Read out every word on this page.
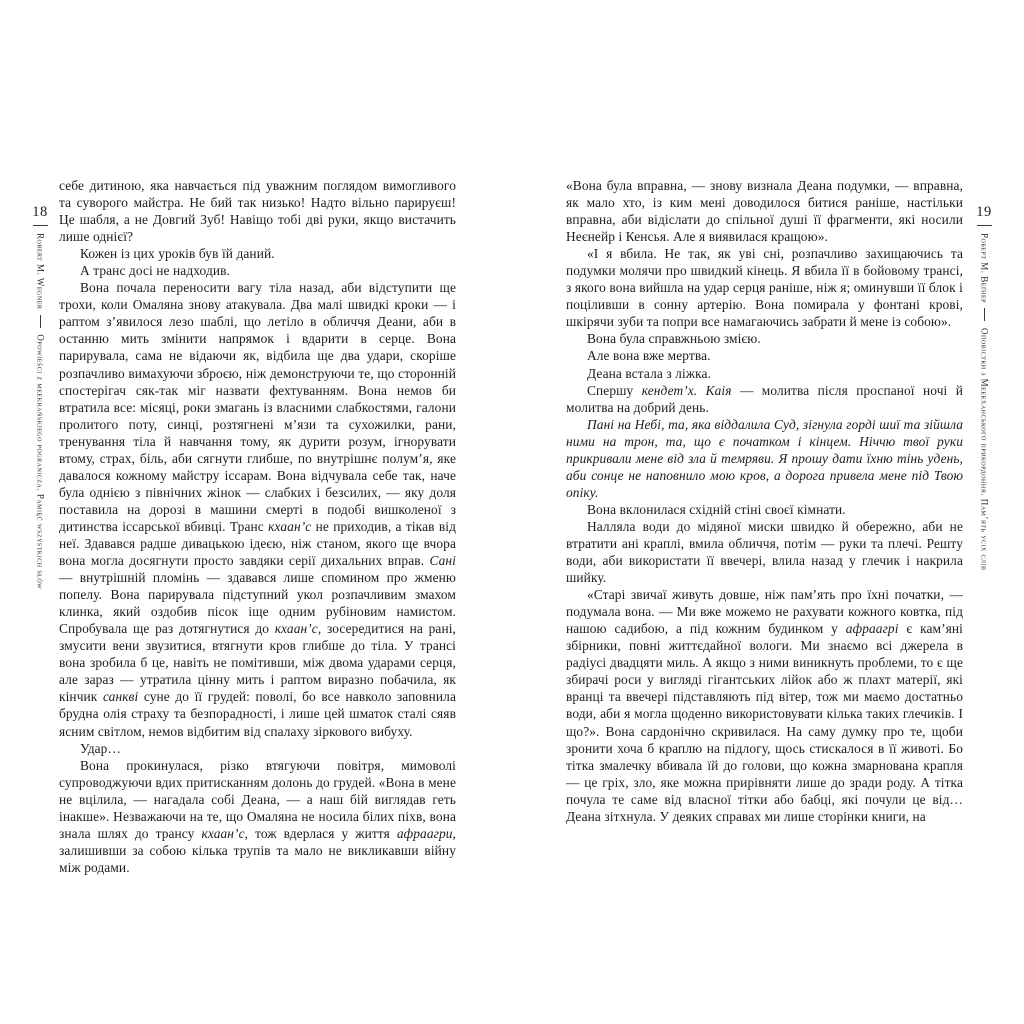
18
Robert M. WegnerOpowieści z meekhańskiego pogranicza. Pamięć wszystkich słów

себе дитиною, яка навчається під уважним поглядом вимогливого та суворого майстра. Не бий так низько! Надто вільно парируєш! Це шабля, а не Довгий Зуб! Навіщо тобі дві руки, якщо вистачить лише однієї?

Кожен із цих уроків був їй даний.

А транс досі не надходив.

Вона почала переносити вагу тіла назад, аби відступити ще трохи, коли Омаляна знову атакувала. Два малі швидкі кроки — і раптом з’явилося лезо шаблі, що летіло в обличчя Деани, аби в останню мить змінити напрямок і вдарити в серце. Вона парирувала, сама не відаючи як, відбила ще два удари, скоріше розпачливо вимахуючи зброєю, ніж демонструючи те, що сторонній спостерігач сяк-так міг назвати фехтуванням. Вона немов би втратила все: місяці, роки змагань із власними слабкостями, галони пролитого поту, синці, розтягнені м’язи та сухожилки, рани, тренування тіла й навчання тому, як дурити розум, ігнорувати втому, страх, біль, аби сягнути глибше, по внутрішнє полум’я, яке давалося кожному майстру іссарам. Вона відчувала себе так, наче була однією з північних жінок — слабких і безсилих, — яку доля поставила на дорозі в машини смерті в подобі вишколеної з дитинства іссарської вбивці. Транс кхаан’с не приходив, а тікав від неї. Здавався радше дивацькою ідеєю, ніж станом, якого ще вчора вона могла досягнути просто завдяки серії дихальних вправ. Сані — внутрішній пломінь — здавався лише спомином про жменю попелу. Вона парирувала підступний укол розпачливим змахом клинка, який оздобив пісок іще одним рубіновим намистом. Спробувала ще раз дотягнутися до кхаан’с, зосередитися на рані, змусити вени звузитися, втягнути кров глибше до тіла. У трансі вона зробила б це, навіть не помітивши, між двома ударами серця, але зараз — утратила цінну мить і раптом виразно побачила, як кінчик санкві суне до її грудей: поволі, бо все навколо заповнила брудна олія страху та безпорадності, і лише цей шматок сталі сяяв ясним світлом, немов відбитим від спалаху зіркового вибуху.

Удар…

Вона прокинулася, різко втягуючи повітря, мимоволі супроводжуючи вдих притисканням долонь до грудей. «Вона в мене не вцілила, — нагадала собі Деана, — а наш бій виглядав геть інакше». Незважаючи на те, що Омаляна не носила білих піхв, вона знала шлях до трансу кхаан’с, тож вдерлася у життя афраагри, залишивши за собою кілька трупів та мало не викликавши війну між родами.

«Вона була вправна, — знову визнала Деана подумки, — вправна, як мало хто, із ким мені доводилося битися раніше, настільки вправна, аби відіслати до спільної душі її фрагменти, які носили Неєнейр і Кенсья. Але я виявилася кращою».

«І я вбила. Не так, як уві сні, розпачливо захищаючись та подумки молячи про швидкий кінець. Я вбила її в бойовому трансі, з якого вона вийшла на удар серця раніше, ніж я; оминувши її блок і поціливши в сонну артерію. Вона помирала у фонтані крові, шкірячи зуби та попри все намагаючись забрати й мене із собою».

Вона була справжньою змією.

Але вона вже мертва.

Деана встала з ліжка.

Спершу кендет’х. Каія — молитва після проспаної ночі й молитва на добрий день.

Пані на Небі, та, яка віддалила Суд, зігнула горді шиї та зійшла ними на трон, та, що є початком і кінцем. Ніччю твої руки прикривали мене від зла й темряви. Я прошу дати їхню тінь удень, аби сонце не наповнило мою кров, а дорога привела мене під Твою опіку.

Вона вклонилася східній стіні своєї кімнати.

Налляла води до мідяної миски швидко й обережно, аби не втратити ані краплі, вмила обличчя, потім — руки та плечі. Решту води, аби використати її ввечері, влила назад у глечик і накрила шийку.

«Старі звичаї живуть довше, ніж пам’ять про їхні початки, — подумала вона. — Ми вже можемо не рахувати кожного ковтка, під нашою садибою, а під кожним будинком у афраагрі є кам’яні збірники, повні життєдайної вологи. Ми знаємо всі джерела в радіусі двадцяти миль. А якщо з ними виникнуть проблеми, то є ще збирачі роси у вигляді гігантських лійок або ж плахт матерії, які вранці та ввечері підставляють під вітер, тож ми маємо достатньо води, аби я могла щоденно використовувати кілька таких глечиків. І що?». Вона сардонічно скривилася. На саму думку про те, щоби зронити хоча б краплю на підлогу, щось стискалося в її животі. Бо тітка змалечку вбивала їй до голови, що кожна змарнована крапля — це гріх, зло, яке можна прирівняти лише до зради роду. А тітка почула те саме від власної тітки або бабці, які почули це від… Деана зітхнула. У деяких справах ми лише сторінки книги, на

19
Роберт М. ВеґнерОповістки з Меекханського прикордоння. Пам’ять усіх слів
